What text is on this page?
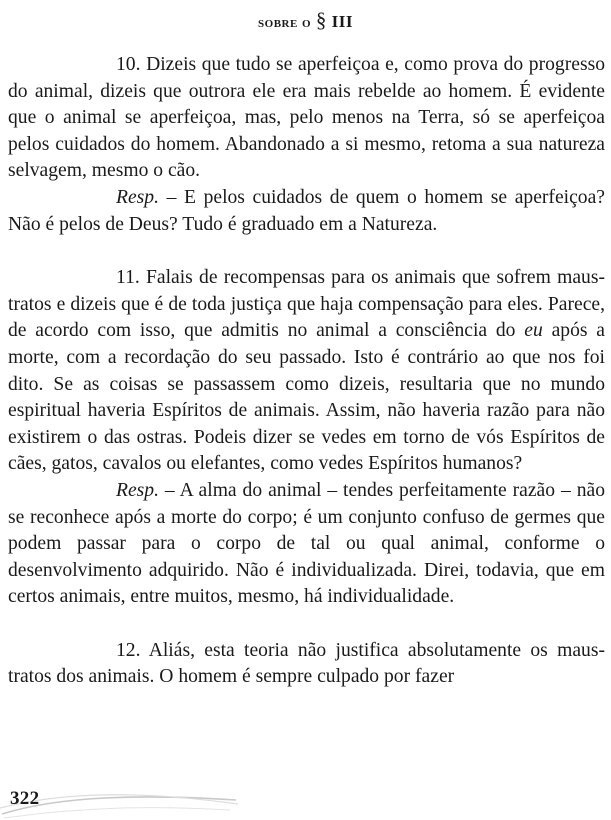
sobre o § III

10. Dizeis que tudo se aperfeiçoa e, como prova do progresso do animal, dizeis que outrora ele era mais rebelde ao homem. É evidente que o animal se aperfeiçoa, mas, pelo menos na Terra, só se aperfeiçoa pelos cuidados do homem. Abandonado a si mesmo, retoma a sua natureza selvagem, mesmo o cão.

Resp. – E pelos cuidados de quem o homem se aperfeiçoa? Não é pelos de Deus? Tudo é graduado em a Natureza.

11. Falais de recompensas para os animais que sofrem maus-tratos e dizeis que é de toda justiça que haja compensação para eles. Parece, de acordo com isso, que admitis no animal a consciência do eu após a morte, com a recordação do seu passado. Isto é contrário ao que nos foi dito. Se as coisas se passassem como dizeis, resultaria que no mundo espiritual haveria Espíritos de animais. Assim, não haveria razão para não existirem o das ostras. Podeis dizer se vedes em torno de vós Espíritos de cães, gatos, cavalos ou elefantes, como vedes Espíritos humanos?

Resp. – A alma do animal – tendes perfeitamente razão – não se reconhece após a morte do corpo; é um conjunto confuso de germes que podem passar para o corpo de tal ou qual animal, conforme o desenvolvimento adquirido. Não é individualizada. Direi, todavia, que em certos animais, entre muitos, mesmo, há individualidade.

12. Aliás, esta teoria não justifica absolutamente os maus-tratos dos animais. O homem é sempre culpado por fazer

322
